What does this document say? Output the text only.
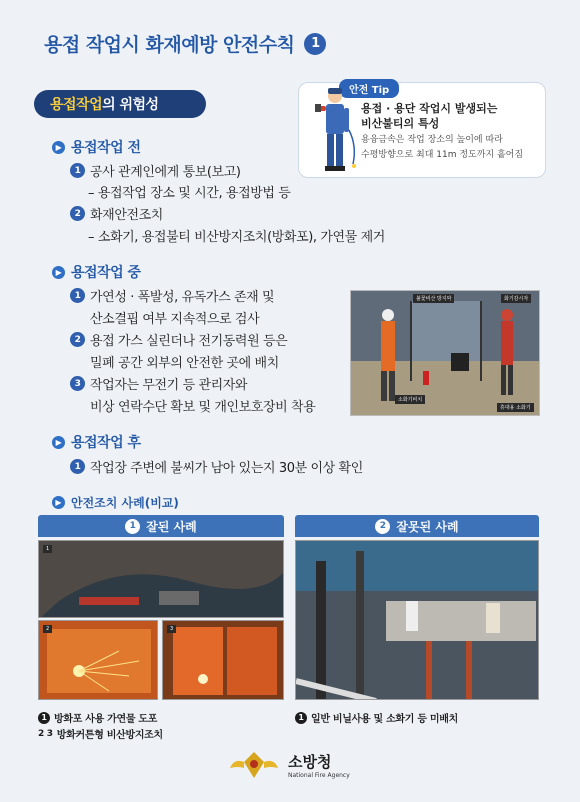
용접 작업시 화재예방 안전수칙	1
용접작업 의 위험성
안전 Tip
용접 · 용단 작업시 발생되는
비산불티의 특성
용융금속은 작업 장소의 높이에 따라
수평방향으로 최대 11m 정도까지 흩어짐
▶ 용접작업 전
1 공사 관계인에게 통보(보고)
– 용접작업 장소 및 시간, 용접방법 등
2 화재안전조치
– 소화기, 용접불티 비산방지조치(방화포), 가연물 제거
▶ 용접작업 중
1 가연성 · 폭발성, 유독가스 존재 및
산소결핍 여부 지속적으로 검사
2 용접 가스 실린더나 전기동력원 등은
밀폐 공간 외부의 안전한 곳에 배치
3 작업자는 무전기 등 관리자와
비상 연락수단 확보 및 개인보호장비 착용
불꽃비산 방지막	화기감시자
소화기비치
휴대용 소화기
▶ 용접작업 후
1 작업장 주변에 불씨가 남아 있는지 30분 이상 확인
▶ 안전조치 사례(비교)
1 잘된 사례	2 잘못된 사례
1
2	3
1 방화포 사용 가연물 도포
2 3 방화커튼형 비산방지조치
1 일반 비닐사용 및 소화기 등 미배치
소방청
National Fire Agency
